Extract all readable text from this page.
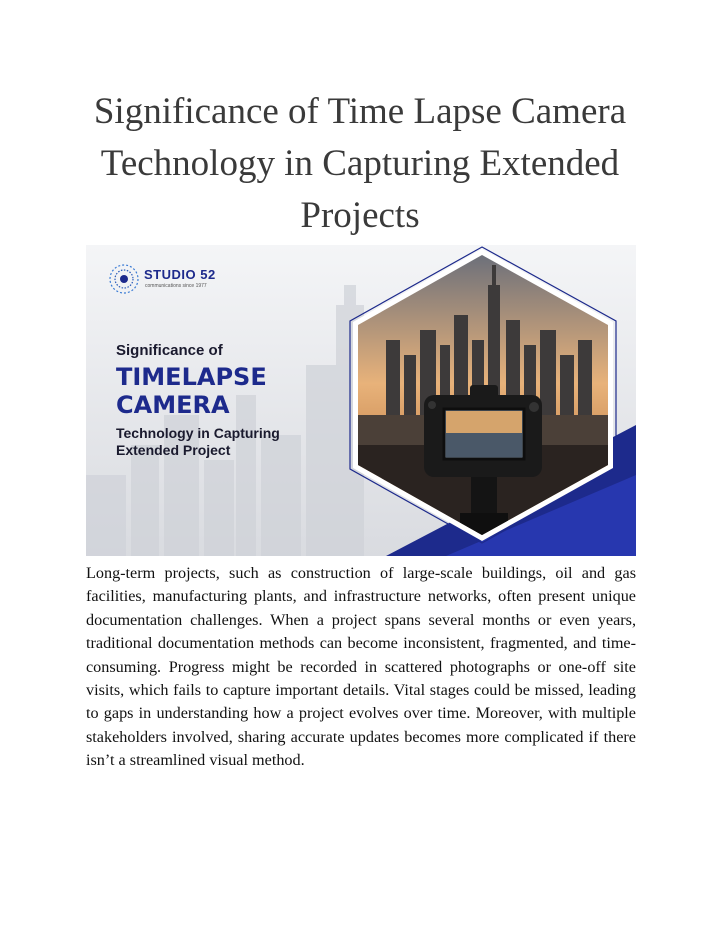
Significance of Time Lapse Camera Technology in Capturing Extended Projects
STUDIO 52
communications since 1977
Significance of
TIMELAPSE
CAMERA
Technology in Capturing
Extended Project

Long-term projects, such as construction of large-scale buildings, oil and gas facilities, manufacturing plants, and infrastructure networks, often present unique documentation challenges. When a project spans several months or even years, traditional documentation methods can become inconsistent, fragmented, and time-consuming. Progress might be recorded in scattered photographs or one-off site visits, which fails to capture important details. Vital stages could be missed, leading to gaps in understanding how a project evolves over time. Moreover, with multiple stakeholders involved, sharing accurate updates becomes more complicated if there isn’t a streamlined visual method.
